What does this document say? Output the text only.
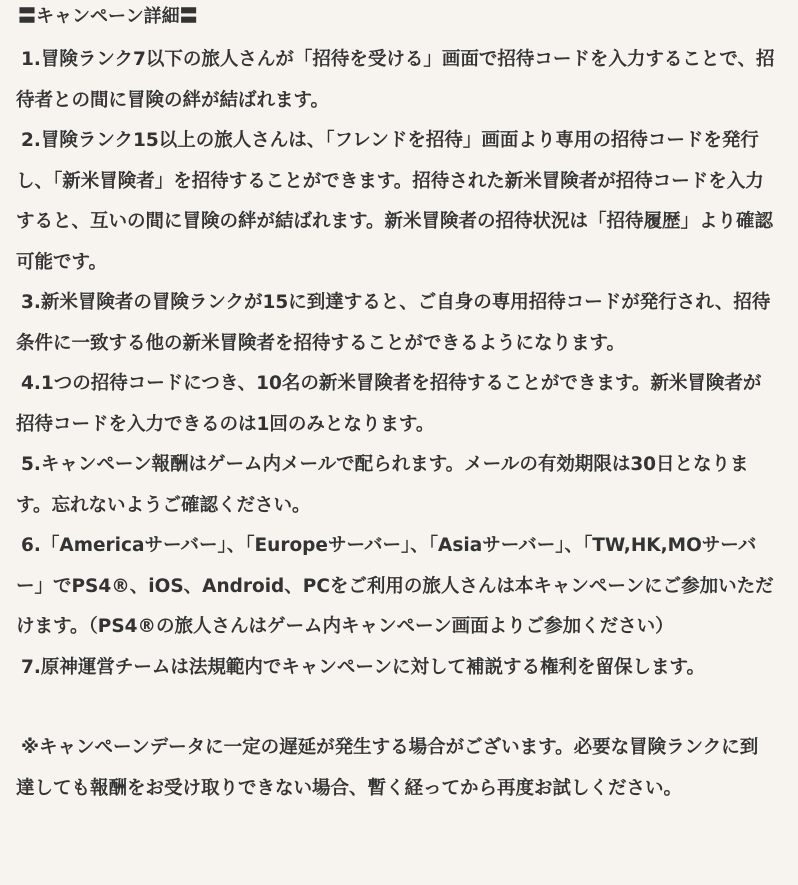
〓キャンペーン詳細〓

1.冒険ランク7以下の旅人さんが「招待を受ける」画面で招待コードを入力することで、招待者との間に冒険の絆が結ばれます。

2.冒険ランク15以上の旅人さんは、「フレンドを招待」画面より専用の招待コードを発行し、「新米冒険者」を招待することができます。招待された新米冒険者が招待コードを入力すると、互いの間に冒険の絆が結ばれます。新米冒険者の招待状況は「招待履歴」より確認可能です。

3.新米冒険者の冒険ランクが15に到達すると、ご自身の専用招待コードが発行され、招待条件に一致する他の新米冒険者を招待することができるようになります。

4.1つの招待コードにつき、10名の新米冒険者を招待することができます。新米冒険者が招待コードを入力できるのは1回のみとなります。

5.キャンペーン報酬はゲーム内メールで配られます。メールの有効期限は30日となります。忘れないようご確認ください。

6.「Americaサーバー」、「Europeサーバー」、「Asiaサーバー」、「TW,HK,MOサーバー」でPS4®、iOS、Android、PCをご利用の旅人さんは本キャンペーンにご参加いただけます。（PS4®の旅人さんはゲーム内キャンペーン画面よりご参加ください）

7.原神運営チームは法規範内でキャンペーンに対して補説する権利を留保します。

※キャンペーンデータに一定の遅延が発生する場合がございます。必要な冒険ランクに到達しても報酬をお受け取りできない場合、暫く経ってから再度お試しください。
